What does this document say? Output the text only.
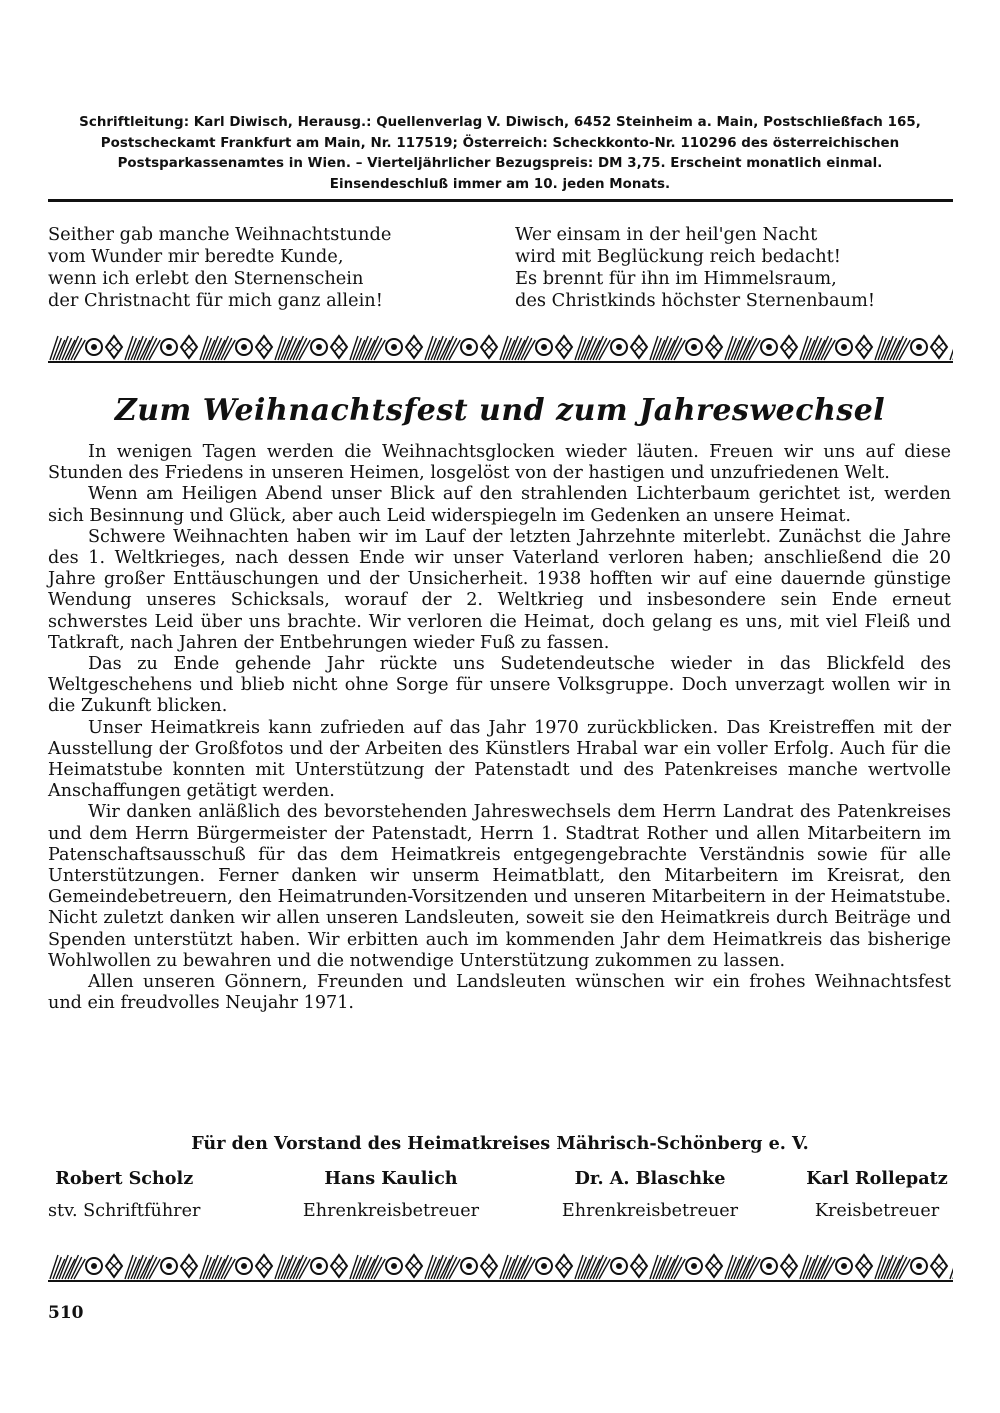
Schriftleitung: Karl Diwisch, Herausg.: Quellenverlag V. Diwisch, 6452 Steinheim a. Main, Postschließfach 165,
Postscheckamt Frankfurt am Main, Nr. 117519; Österreich: Scheckkonto-Nr. 110296 des österreichischen
Postsparkassenamtes in Wien. – Vierteljährlicher Bezugspreis: DM 3,75. Erscheint monatlich einmal.
Einsendeschluß immer am 10. jeden Monats.
Seither gab manche Weihnachtstunde
vom Wunder mir beredte Kunde,
wenn ich erlebt den Sternenschein
der Christnacht für mich ganz allein!
Wer einsam in der heil'gen Nacht
wird mit Beglückung reich bedacht!
Es brennt für ihn im Himmelsraum,
des Christkinds höchster Sternenbaum!
Zum Weihnachtsfest und zum Jahreswechsel

In wenigen Tagen werden die Weihnachtsglocken wieder läuten. Freuen wir uns auf diese Stunden des Friedens in unseren Heimen, losgelöst von der hastigen und unzufriedenen Welt.

Wenn am Heiligen Abend unser Blick auf den strahlenden Lichterbaum gerichtet ist, werden sich Besinnung und Glück, aber auch Leid widerspiegeln im Gedenken an unsere Heimat.

Schwere Weihnachten haben wir im Lauf der letzten Jahrzehnte miterlebt. Zunächst die Jahre des 1. Weltkrieges, nach dessen Ende wir unser Vaterland verloren haben; anschließend die 20 Jahre großer Enttäuschungen und der Unsicherheit. 1938 hofften wir auf eine dauernde günstige Wendung unseres Schicksals, worauf der 2. Weltkrieg und insbesondere sein Ende erneut schwerstes Leid über uns brachte. Wir verloren die Heimat, doch gelang es uns, mit viel Fleiß und Tatkraft, nach Jahren der Entbehrungen wieder Fuß zu fassen.

Das zu Ende gehende Jahr rückte uns Sudetendeutsche wieder in das Blickfeld des Weltgeschehens und blieb nicht ohne Sorge für unsere Volksgruppe. Doch unverzagt wollen wir in die Zukunft blicken.

Unser Heimatkreis kann zufrieden auf das Jahr 1970 zurückblicken. Das Kreistreffen mit der Ausstellung der Großfotos und der Arbeiten des Künstlers Hrabal war ein voller Erfolg. Auch für die Heimatstube konnten mit Unterstützung der Patenstadt und des Patenkreises manche wertvolle Anschaffungen getätigt werden.

Wir danken anläßlich des bevorstehenden Jahreswechsels dem Herrn Landrat des Patenkreises und dem Herrn Bürgermeister der Patenstadt, Herrn 1. Stadtrat Rother und allen Mitarbeitern im Patenschaftsausschuß für das dem Heimatkreis entgegengebrachte Verständnis sowie für alle Unterstützungen. Ferner danken wir unserm Heimatblatt, den Mitarbeitern im Kreisrat, den Gemeindebetreuern, den Heimatrunden-Vorsitzenden und unseren Mitarbeitern in der Heimatstube. Nicht zuletzt danken wir allen unseren Landsleuten, soweit sie den Heimatkreis durch Beiträge und Spenden unterstützt haben. Wir erbitten auch im kommenden Jahr dem Heimatkreis das bisherige Wohlwollen zu bewahren und die notwendige Unterstützung zukommen zu lassen.

Allen unseren Gönnern, Freunden und Landsleuten wünschen wir ein frohes Weihnachtsfest und ein freudvolles Neujahr 1971.

Für den Vorstand des Heimatkreises Mährisch-Schönberg e. V.
Robert Scholz
stv. Schriftführer
Hans Kaulich
Ehrenkreisbetreuer
Dr. A. Blaschke
Ehrenkreisbetreuer
Karl Rollepatz
Kreisbetreuer
510
